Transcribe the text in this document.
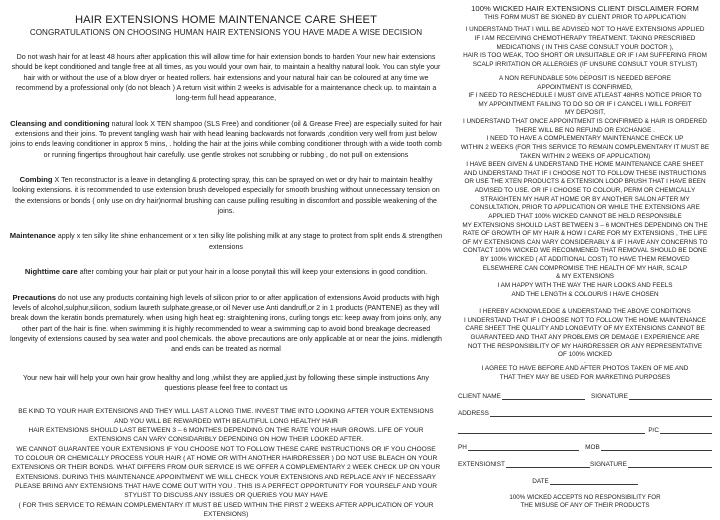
HAIR EXTENSIONS HOME MAINTENANCE CARE SHEET
CONGRATULATIONS ON CHOOSING HUMAN HAIR EXTENSIONS YOU HAVE MADE A WISE DECISION

Do not wash hair for at least 48 hours after application this will allow time for hair extension bonds to harden Your new hair extensions should be kept conditioned and tangle free at all times, as you would your own hair, to maintain a healthy natural look. You can style your hair with or without the use of a blow dryer or heated rollers. hair extensions and your natural hair can be coloured at any time we recommend by a professional only (do not bleach ) A return visit within 2 weeks is advisable for a maintenance check up. to maintain a long-term full head appearance,

Cleansing and conditioning natural look X TEN shampoo (SLS Free) and conditioner (oil & Grease Free) are especially suited for hair extensions and their joins. To prevent tangling wash hair with head leaning backwards not forwards ,condition very well from just below joins to ends leaving conditioner in approx 5 mins, . holding the hair at the joins while combing conditioner through with a wide tooth comb or running fingertips throughout hair carefully. use gentle strokes not scrubbing or rubbing , do not pull on extensions

Combing X Ten reconstructor is a leave in detangling & protecting spray, this can be sprayed on wet or dry hair to maintain healthy looking extensions. it is recommended to use extension brush developed especially for smooth brushing without unnecessary tension on the extensions or bonds ( only use on dry hair)normal brushing can cause pulling resulting in discomfort and possible weakening of the joins.

Maintenance apply x ten silky lite shine enhancement or x ten silky lite polishing milk at any stage to protect from split ends & strengthen extensions

Nighttime care after combing your hair plait or put your hair in a loose ponytail this will keep your extensions in good condition.

Precautions do not use any products containing high levels of silicon prior to or after application of extensions Avoid products with high levels of alcohol,sulphur,silicon, sodium laureth sulphate,grease,or oil Never use Anti dandruff,or 2 in 1 products (PANTENE) as they will break down the keratin bonds prematurely. when using high heat eg: straightening irons, curling tongs etc: keep away from joins only, any other part of the hair is fine. when swimming it is highly recommended to wear a swimming cap to avoid bond breakage decreased longevity of extensions caused by sea water and pool chemicals. the above precautions are only applicable at or near the joins. midlength and ends can be treated as normal

Your new hair will help your own hair grow healthy and long ,whilst they are applied,just by following these simple instructions Any questions please feel free to contact us

BE KIND TO YOUR HAIR EXTENSIONS AND THEY WILL LAST A LONG TIME. INVEST TIME INTO LOOKING AFTER YOUR EXTENSIONS
AND YOU WILL BE REWARDED WITH BEAUTIFUL LONG HEALTHY HAIR
HAIR EXTENSIONS SHOULD LAST BETWEEN 3 – 6 MONTHES DEPENDING ON THE RATE YOUR HAIR GROWS. LIFE OF YOUR
EXTENSIONS CAN VARY CONSIDARIBLY DEPENDING ON HOW THEIR LOOKED AFTER.
WE CANNOT GUARANTEE YOUR EXTENSIONS IF YOU CHOOSE NOT TO FOLLOW THESE CARE INSTRUCTIONS OR IF YOU CHOOSE
TO COLOUR OR CHEMICALLY PROCESS YOUR HAIR ( AT HOME OR WITH ANOTHER HAIRDRESSER ) DO NOT USE BLEACH ON YOUR
EXTENSIONS OR THEIR BONDS. WHAT DIFFERS FROM OUR SERVICE IS WE OFFER A COMPLEMENTARY 2 WEEK CHECK UP ON YOUR
EXTENSIONS. DURING THIS MAINTENANCE APPOINTMENT WE WILL CHECK YOUR EXTENSIONS AND REPLACE ANY IF NECESSARY
PLEASE BRING ANY EXTENSIONS THAT HAVE COME OUT WITH YOU . THIS IS A PERFECT OPPORTUNITY FOR YOURSELF AND YOUR
STYLIST TO DISCUSS ANY ISSUES OR QUERIES YOU MAY HAVE
( FOR THIS SERVICE TO REMAIN COMPLEMENTARY IT MUST BE USED WITHIN THE FIRST 2 WEEKS AFTER APPLICATION OF YOUR
EXTENSIONS)
100% WICKED HAIR EXTENSIONS CLIENT DISCLAIMER FORM
THIS FORM MUST BE SIGNED BY CLIENT PRIOR TO APPLICATION
.
I UNDERSTAND THAT I WILL BE ADVISED NOT TO HAVE EXTENSIONS APPLIED
IF I AM RECEIVING CHEMOTHERAPY TREATMENT. TAKING PRESCRIBED
MEDICATIONS ( IN THIS CASE CONSULT YOUR DOCTOR ),
HAIR IS TOO WEAK, TOO SHORT OR UNSUITABLE OR IF I AM SUFFERING FROM
SCALP IRRITATION OR ALLERGIES (IF UNSURE CONSULT YOUR STYLIST)
.
A NON REFUNDABLE 50% DEPOSIT IS NEEDED BEFORE
APPOINTMENT IS CONFIRMED,
IF I NEED TO RESCHEDULE I MUST GIVE ATLEAST 48HRS NOTICE PRIOR TO
MY APPOINTMENT FAILING TO DO SO OR IF I CANCEL I WILL FORFEIT
MY DEPOSIT,
I UNDERSTAND THAT ONCE APPOINTMENT IS CONFIRMED & HAIR IS ORDERED
THERE WILL BE NO REFUND OR EXCHANGE .
I NEED TO HAVE A COMPLEMENTARY MAINTENANCE CHECK UP
WITHIN 2 WEEKS (FOR THIS SERVICE TO REMAIN COMPLEMENTARY IT MUST BE
TAKEN WITHIN 2 WEEKS OF APPLICATION)
I HAVE BEEN GIVEN & UNDERSTAND THE HOME MAINTENANCE CARE SHEET
AND UNDERSTAND THAT IF I CHOOSE NOT TO FOLLOW THESE INSTRUCTIONS
OR USE THE XTEN PRODUCTS & EXTENSION LOOP BRUSH THAT I HAVE BEEN
ADVISED TO USE. OR IF I CHOOSE TO COLOUR, PERM OR CHEMICALLY
STRAIGHTEN MY HAIR AT HOME OR BY ANOTHER SALON AFTER MY
CONSULTATION, PRIOR TO APPLICATION OR WHILE THE EXTENSIONS ARE
APPLIED THAT 100% WICKED CANNOT BE HELD RESPONSIBLE
MY EXTENSIONS SHOULD LAST BETWEEN 3 – 6 MONTHES DEPENDING ON THE
RATE OF GROWTH OF MY HAIR & HOW I CARE FOR MY EXTENSIONS , THE LIFE
OF MY EXTENSIONS CAN VARY CONSIDERABLY & IF I HAVE ANY CONCERNS TO
CONTACT 100% WICKED WE RECOMMENED THAT REMOVAL SHOULD BE DONE
BY 100% WICKED ( AT ADDITIONAL COST) TO HAVE THEM REMOVED
ELSEWHERE CAN COMPROMISE THE HEALTH OF MY HAIR, SCALP
& MY EXTENSIONS
I AM HAPPY WITH THE WAY THE HAIR LOOKS AND FEELS
AND THE LENGTH & COLOUR/S I HAVE CHOSEN
I HEREBY ACKNOWLEDGE & UNDERSTAND THE ABOVE CONDITIONS
I UNDERSTAND THAT IF I CHOOSE NOT TO FOLLOW THE HOME MAINTENANCE
CARE SHEET THE QUALITY AND LONGEVITY OF MY EXTENSIONS CANNOT BE
GUARANTEED AND THAT ANY PROBLEMS OR DEMAGE I EXPERIENCE ARE
NOT THE RESPONSIBILITY OF MY HAIRDRESSER OR ANY REPRESENTATIVE
OF 100% WICKED
.
I AGREE TO HAVE BEFORE AND AFTER PHOTOS TAKEN OF ME AND
THAT THEY MAY BE USED FOR MARKETING PURPOSES
CLIENT NAME	SIGNATURE
ADDRESS
P/C
PH	MOB
EXTENSIONIST	SIGNATURE
DATE
100% WICKED ACCEPTS NO RESPONSIBILITY FOR
THE MISUSE OF ANY OF THEIR PRODUCTS
